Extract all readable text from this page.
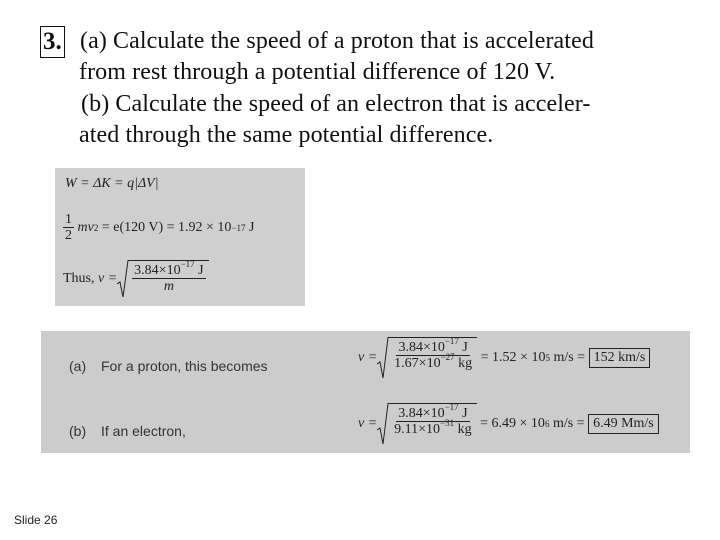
3. (a) Calculate the speed of a proton that is accelerated
from rest through a potential difference of 120 V.
(b) Calculate the speed of an electron that is acceler-
ated through the same potential difference.
W = ΔK = q|ΔV|
$\frac{1}{2}$
mv 2
= e(120 V) = 1.92 × 10 −17
J
Thus,
$v = \frac{3.84\times 10^{-17} J}{m}$
(a) For a proton, this becomes
$v = \frac{3.84\times 10^{-17} J}{1.67\times 10^{-27} kg}$
= 1.52 × 10 5
m/s =
152 km/s
(b) If an electron,	$v = \frac{3.84\times 10^{-17} J}{9.11\times 10^{-31} kg}$
= 6.49 × 10 6
m/s =
6.49 Mm/s
Slide 26
